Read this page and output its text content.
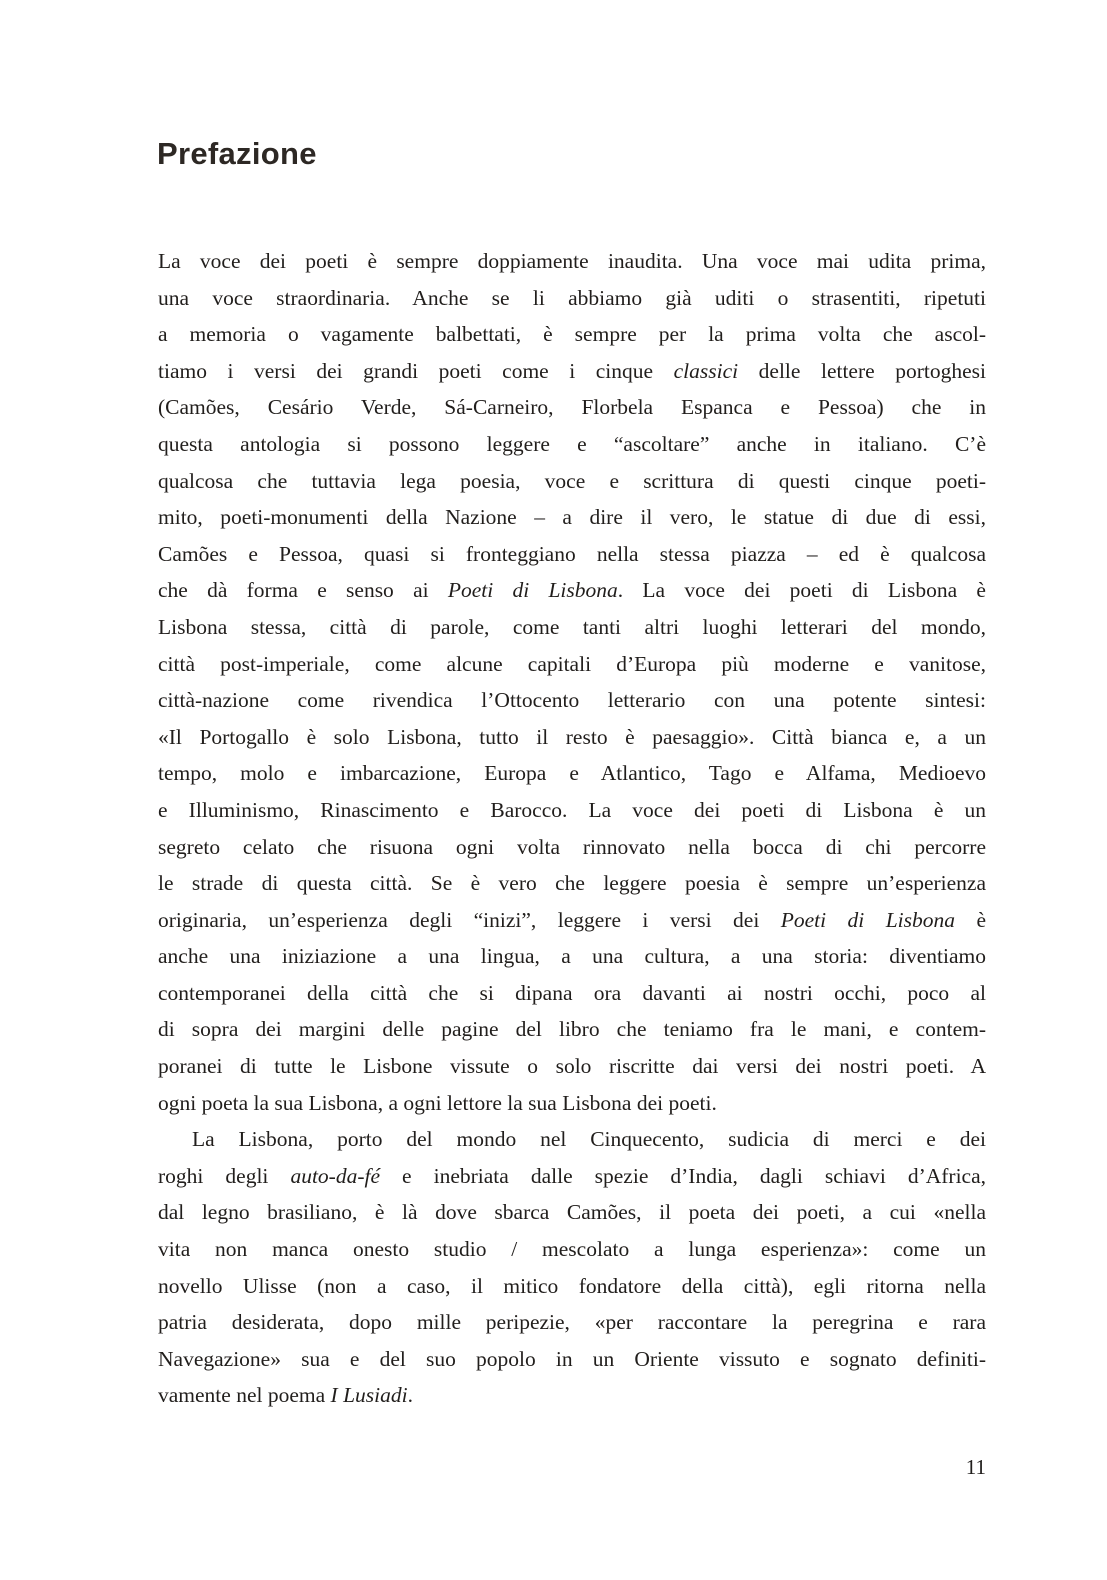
Prefazione
La voce dei poeti è sempre doppiamente inaudita. Una voce mai udita prima,
una voce straordinaria. Anche se li abbiamo già uditi o strasentiti, ripetuti
a memoria o vagamente balbettati, è sempre per la prima volta che ascol-
tiamo i versi dei grandi poeti come i cinque classici delle lettere portoghesi
(Camões, Cesário Verde, Sá-Carneiro, Florbela Espanca e Pessoa) che in
questa antologia si possono leggere e “ascoltare” anche in italiano. C’è
qualcosa che tuttavia lega poesia, voce e scrittura di questi cinque poeti-
mito, poeti-monumenti della Nazione – a dire il vero, le statue di due di essi,
Camões e Pessoa, quasi si fronteggiano nella stessa piazza – ed è qualcosa
che dà forma e senso ai Poeti di Lisbona. La voce dei poeti di Lisbona è
Lisbona stessa, città di parole, come tanti altri luoghi letterari del mondo,
città post-imperiale, come alcune capitali d’Europa più moderne e vanitose,
città-nazione come rivendica l’Ottocento letterario con una potente sintesi:
«Il Portogallo è solo Lisbona, tutto il resto è paesaggio». Città bianca e, a un
tempo, molo e imbarcazione, Europa e Atlantico, Tago e Alfama, Medioevo
e Illuminismo, Rinascimento e Barocco. La voce dei poeti di Lisbona è un
segreto celato che risuona ogni volta rinnovato nella bocca di chi percorre
le strade di questa città. Se è vero che leggere poesia è sempre un’esperienza
originaria, un’esperienza degli “inizi”, leggere i versi dei Poeti di Lisbona è
anche una iniziazione a una lingua, a una cultura, a una storia: diventiamo
contemporanei della città che si dipana ora davanti ai nostri occhi, poco al
di sopra dei margini delle pagine del libro che teniamo fra le mani, e contem-
poranei di tutte le Lisbone vissute o solo riscritte dai versi dei nostri poeti. A
ogni poeta la sua Lisbona, a ogni lettore la sua Lisbona dei poeti.
La Lisbona, porto del mondo nel Cinquecento, sudicia di merci e dei
roghi degli auto-da-fé e inebriata dalle spezie d’India, dagli schiavi d’Africa,
dal legno brasiliano, è là dove sbarca Camões, il poeta dei poeti, a cui «nella
vita non manca onesto studio / mescolato a lunga esperienza»: come un
novello Ulisse (non a caso, il mitico fondatore della città), egli ritorna nella
patria desiderata, dopo mille peripezie, «per raccontare la peregrina e rara
Navegazione» sua e del suo popolo in un Oriente vissuto e sognato definiti-
vamente nel poema I Lusiadi.
11
